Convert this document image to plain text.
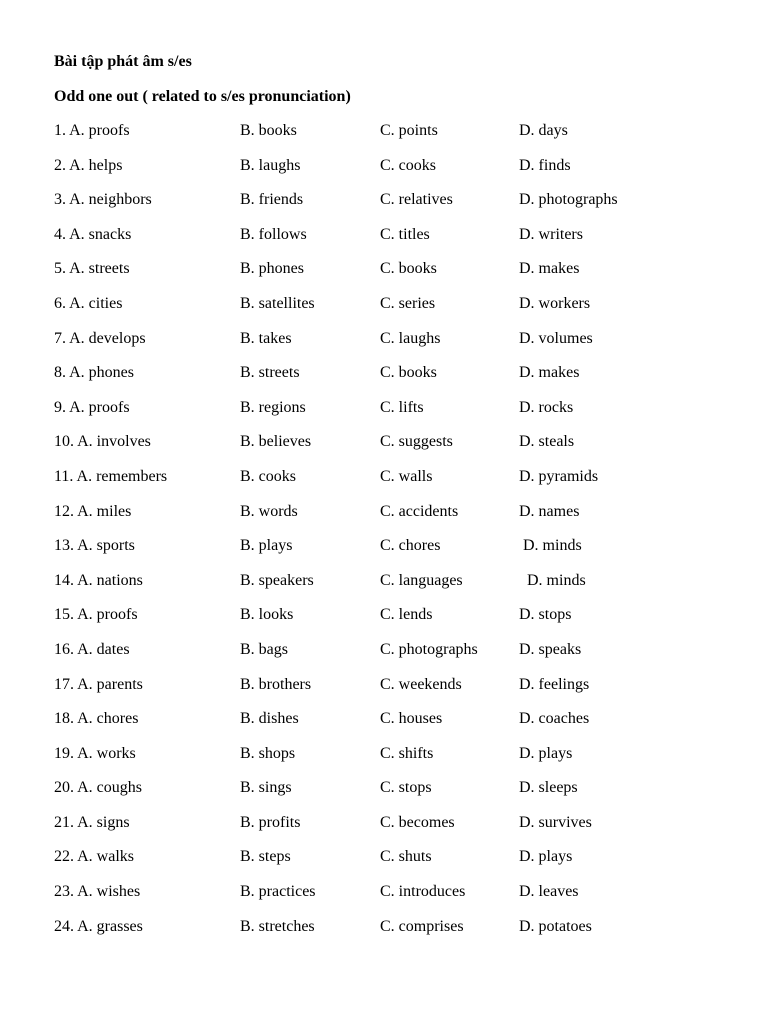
Bài tập phát âm s/es
Odd one out ( related to s/es pronunciation)
1. A. proofs	B. books	C. points	D. days
2. A. helps	B. laughs	C. cooks	D. finds
3. A. neighbors	B. friends	C. relatives	D. photographs
4. A. snacks	B. follows	C. titles	D. writers
5. A. streets	B. phones	C. books	D. makes
6. A. cities	B. satellites	C. series	D. workers
7. A. develops	B. takes	C. laughs	D. volumes
8. A. phones	B. streets	C. books	D. makes
9. A. proofs	B. regions	C. lifts	D. rocks
10. A. involves	B. believes	C. suggests	D. steals
11. A. remembers	B. cooks	C. walls	D. pyramids
12. A. miles	B. words	C. accidents	D. names
13. A. sports	B. plays	C. chores	D. minds
14. A. nations	B. speakers	C. languages	D. minds
15. A. proofs	B. looks	C. lends	D. stops
16. A. dates	B. bags	C. photographs	D. speaks
17. A. parents	B. brothers	C. weekends	D. feelings
18. A. chores	B. dishes	C. houses	D. coaches
19. A. works	B. shops	C. shifts	D. plays
20. A. coughs	B. sings	C. stops	D. sleeps
21. A. signs	B. profits	C. becomes	D. survives
22. A. walks	B. steps	C. shuts	D. plays
23. A. wishes	B. practices	C. introduces	D. leaves
24. A. grasses	B. stretches	C. comprises	D. potatoes
